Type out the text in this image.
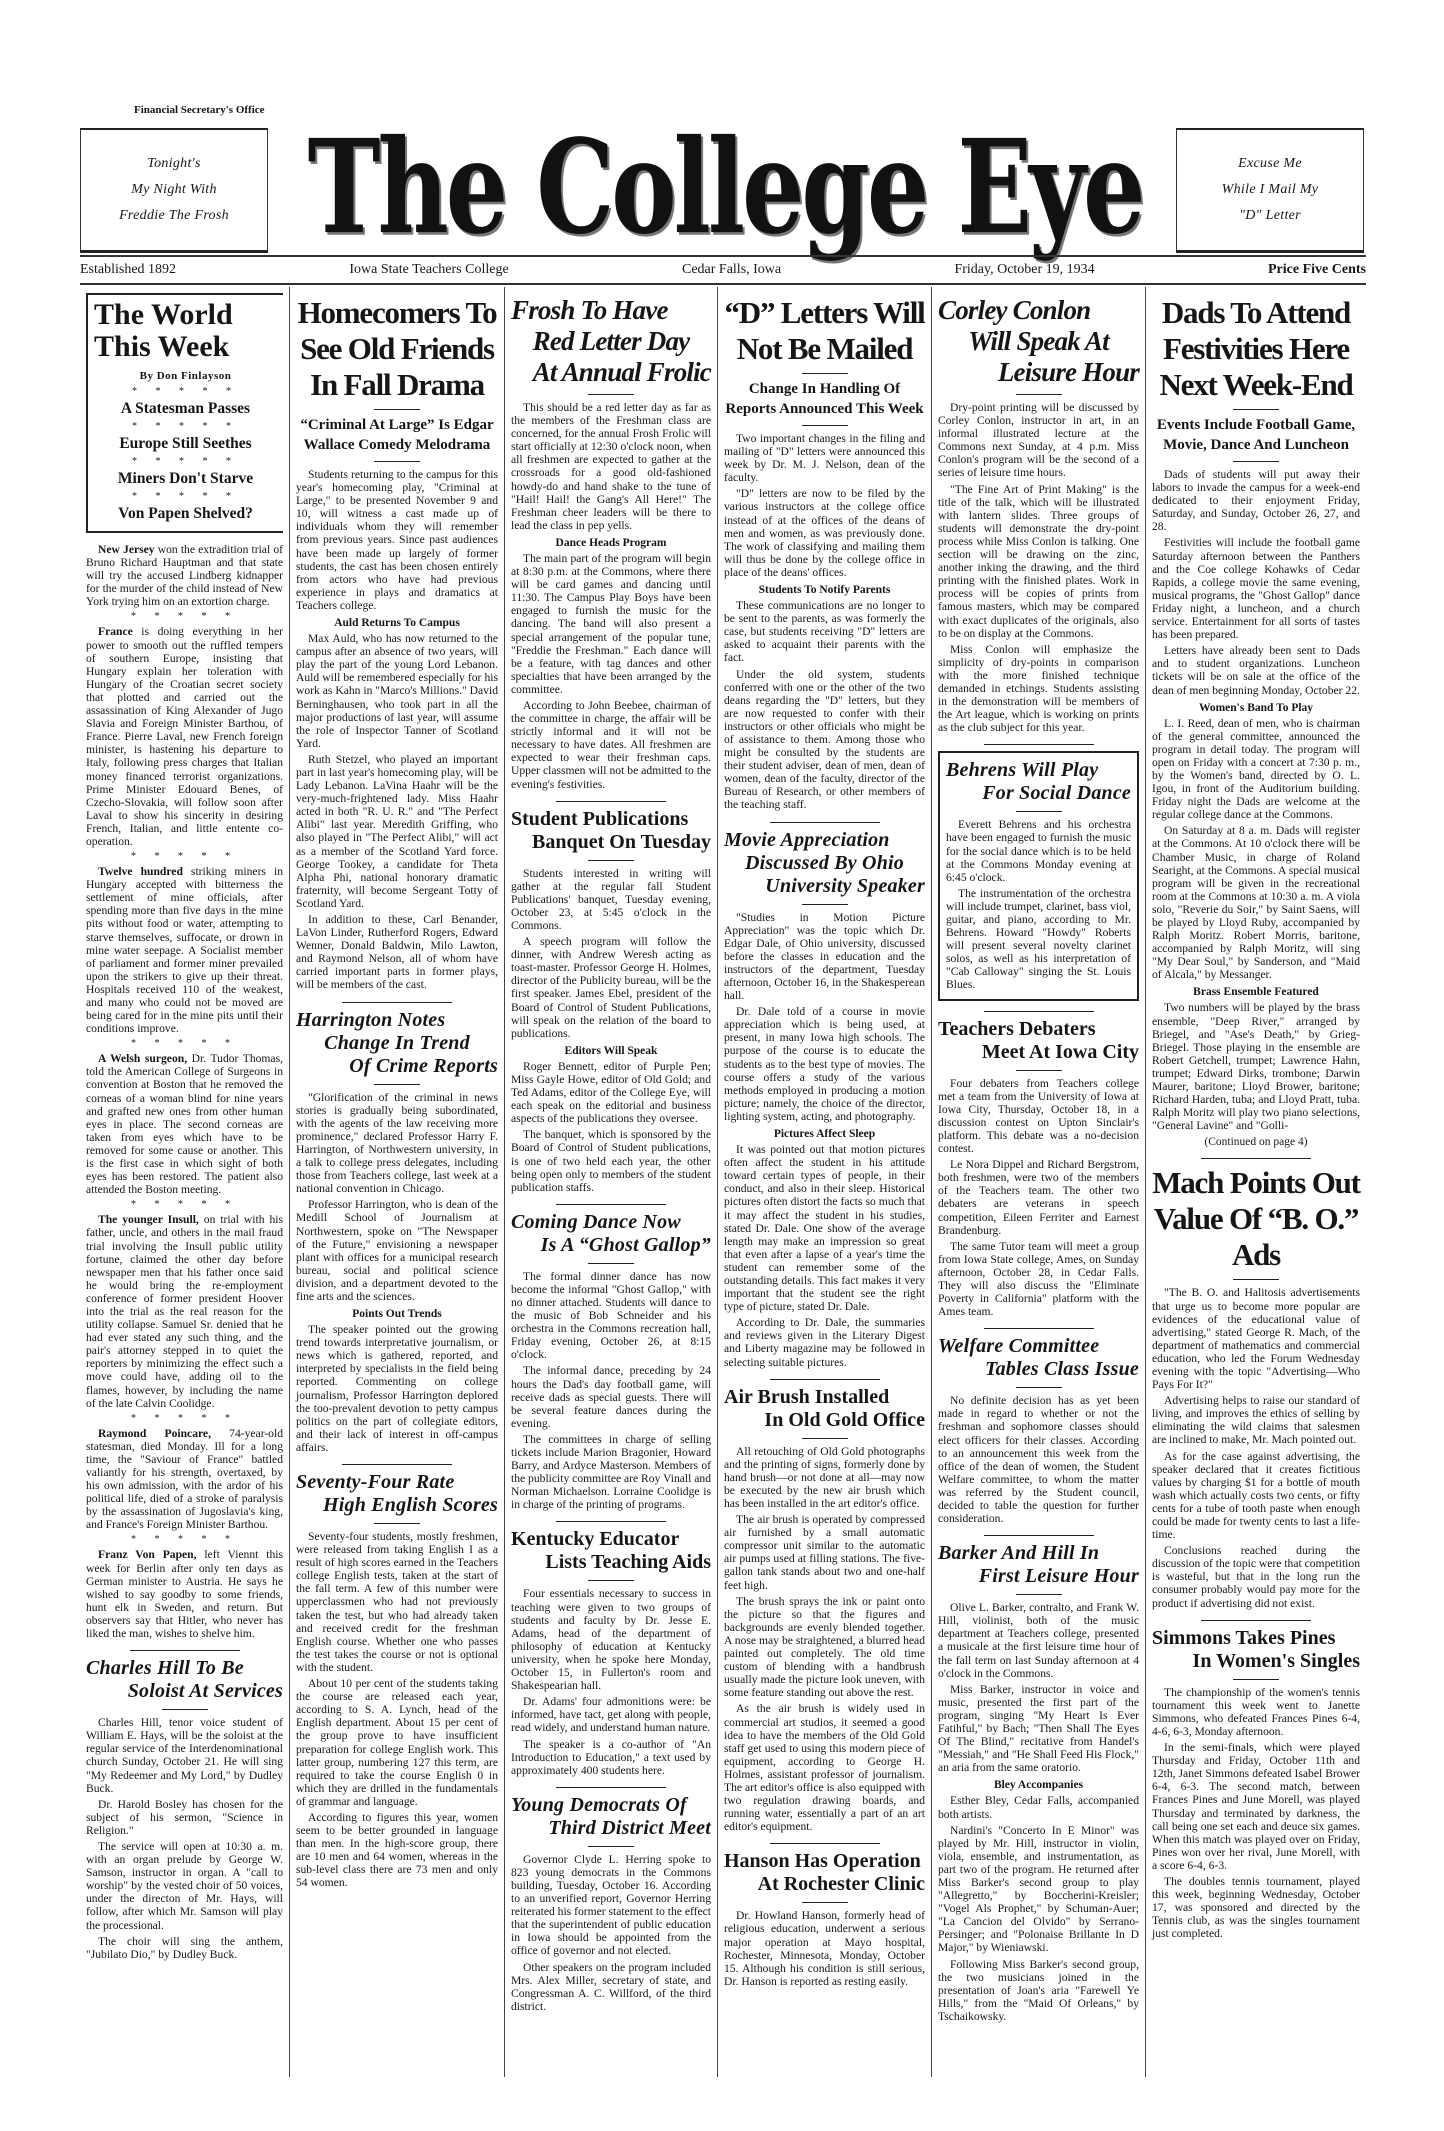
Financial Secretary's Office
Tonight's
My Night With
Freddie The Frosh The College Eye	Excuse Me
While I Mail My
"D" Letter
Established 1892	Iowa State Teachers College	Cedar Falls, Iowa	Friday, October 19, 1934	Price Five Cents
The World
This Week
By Don Finlayson
* * * * *
A Statesman Passes
* * * * *
Europe Still Seethes
* * * * *
Miners Don't Starve
* * * * *
Von Papen Shelved?

New Jersey won the extradition trial of Bruno Richard Hauptman and that state will try the accused Lindberg kidnapper for the murder of the child instead of New York trying him on an extortion charge.

* * * * *

France is doing everything in her power to smooth out the ruffled tempers of southern Europe, insisting that Hungary explain her toleration with Hungary of the Croatian secret society that plotted and carried out the assassination of King Alexander of Jugo Slavia and Foreign Minister Barthou, of France. Pierre Laval, new French foreign minister, is hastening his departure to Italy, following press charges that Italian money financed terrorist organizations. Prime Minister Edouard Benes, of Czecho-Slovakia, will follow soon after Laval to show his sincerity in desiring French, Italian, and little entente co-operation.

* * * * *

Twelve hundred striking miners in Hungary accepted with bitterness the settlement of mine officials, after spending more than five days in the mine pits without food or water, attempting to starve themselves, suffocate, or drown in mine water seepage. A Socialist member of parliament and former miner prevailed upon the strikers to give up their threat. Hospitals received 110 of the weakest, and many who could not be moved are being cared for in the mine pits until their conditions improve.

* * * * *

A Welsh surgeon, Dr. Tudor Thomas, told the American College of Surgeons in convention at Boston that he removed the corneas of a woman blind for nine years and grafted new ones from other human eyes in place. The second corneas are taken from eyes which have to be removed for some cause or another. This is the first case in which sight of both eyes has been restored. The patient also attended the Boston meeting.

* * * * *

The younger Insull, on trial with his father, uncle, and others in the mail fraud trial involving the Insull public utility fortune, claimed the other day before newspaper men that his father once said he would bring the re-employment conference of former president Hoover into the trial as the real reason for the utility collapse. Samuel Sr. denied that he had ever stated any such thing, and the pair's attorney stepped in to quiet the reporters by minimizing the effect such a move could have, adding oil to the flames, however, by including the name of the late Calvin Coolidge.

* * * * *

Raymond Poincare, 74-year-old statesman, died Monday. Ill for a long time, the "Saviour of France" battled valiantly for his strength, overtaxed, by his own admission, with the ardor of his political life, died of a stroke of paralysis by the assassination of Jugoslavia's king, and France's Foreign Minister Barthou.

* * * * *

Franz Von Papen, left Viennt this week for Berlin after only ten days as German minister to Austria. He says he wished to say goodby to some friends, hunt elk in Sweden, and return. But observers say that Hitler, who never has liked the man, wishes to shelve him.

Charles Hill To Be
Soloist At Services

Charles Hill, tenor voice student of William E. Hays, will be the soloist at the regular service of the Interdenominational church Sunday, October 21. He will sing "My Redeemer and My Lord," by Dudley Buck.

Dr. Harold Bosley has chosen for the subject of his sermon, "Science in Religion."

The service will open at 10:30 a. m. with an organ prelude by George W. Samson, instructor in organ. A "call to worship" by the vested choir of 50 voices, under the directon of Mr. Hays, will follow, after which Mr. Samson will play the processional.

The choir will sing the anthem, "Jubilato Dio," by Dudley Buck.

Homecomers To
See Old Friends
In Fall Drama
“Criminal At Large” Is Edgar Wallace Comedy Melodrama

Students returning to the campus for this year's homecoming play, "Criminal at Large," to be presented November 9 and 10, will witness a cast made up of individuals whom they will remember from previous years. Since past audiences have been made up largely of former students, the cast has been chosen entirely from actors who have had previous experience in plays and dramatics at Teachers college.

Auld Returns To Campus

Max Auld, who has now returned to the campus after an absence of two years, will play the part of the young Lord Lebanon. Auld will be remembered especially for his work as Kahn in "Marco's Millions." David Berninghausen, who took part in all the major productions of last year, will assume the role of Inspector Tanner of Scotland Yard.

Ruth Stetzel, who played an important part in last year's homecoming play, will be Lady Lebanon. LaVina Haahr will be the very-much-frightened lady. Miss Haahr acted in both "R. U. R." and "The Perfect Alibi" last year. Meredith Griffing, who also played in "The Perfect Alibi," will act as a member of the Scotland Yard force. George Tookey, a candidate for Theta Alpha Phi, national honorary dramatic fraternity, will become Sergeant Totty of Scotland Yard.

In addition to these, Carl Benander, LaVon Linder, Rutherford Rogers, Edward Wenner, Donald Baldwin, Milo Lawton, and Raymond Nelson, all of whom have carried important parts in former plays, will be members of the cast.

Harrington Notes
Change In Trend
Of Crime Reports

"Glorification of the criminal in news stories is gradually being subordinated, with the agents of the law receiving more prominence," declared Professor Harry F. Harrington, of Northwestern university, in a talk to college press delegates, including those from Teachers college, last week at a national convention in Chicago.

Professor Harrington, who is dean of the Medill School of Journalism at Northwestern, spoke on "The Newspaper of the Future," envisioning a newspaper plant with offices for a municipal research bureau, social and political science division, and a department devoted to the fine arts and the sciences.

Points Out Trends

The speaker pointed out the growing trend towards interpretative journalism, or news which is gathered, reported, and interpreted by specialists in the field being reported. Commenting on college journalism, Professor Harrington deplored the too-prevalent devotion to petty campus politics on the part of collegiate editors, and their lack of interest in off-campus affairs.

Seventy-Four Rate
High English Scores

Seventy-four students, mostly freshmen, were released from taking English I as a result of high scores earned in the Teachers college English tests, taken at the start of the fall term. A few of this number were upperclassmen who had not previously taken the test, but who had already taken and received credit for the freshman English course. Whether one who passes the test takes the course or not is optional with the student.

About 10 per cent of the students taking the course are released each year, according to S. A. Lynch, head of the English department. About 15 per cent of the group prove to have insufficient preparation for college English work. This latter group, numbering 127 this term, are required to take the course English 0 in which they are drilled in the fundamentals of grammar and language.

According to figures this year, women seem to be better grounded in language than men. In the high-score group, there are 10 men and 64 women, whereas in the sub-level class there are 73 men and only 54 women.

Frosh To Have
Red Letter Day
At Annual Frolic

This should be a red letter day as far as the members of the Freshman class are concerned, for the annual Frosh Frolic will start officially at 12:30 o'clock noon, when all freshmen are expected to gather at the crossroads for a good old-fashioned howdy-do and hand shake to the tune of "Hail! Hail! the Gang's All Here!" The Freshman cheer leaders will be there to lead the class in pep yells.

Dance Heads Program

The main part of the program will begin at 8:30 p.m. at the Commons, where there will be card games and dancing until 11:30. The Campus Play Boys have been engaged to furnish the music for the dancing. The band will also present a special arrangement of the popular tune, "Freddie the Freshman." Each dance will be a feature, with tag dances and other specialties that have been arranged by the committee.

According to John Beebee, chairman of the committee in charge, the affair will be strictly informal and it will not be necessary to have dates. All freshmen are expected to wear their freshman caps. Upper classmen will not be admitted to the evening's festivities.

Student Publications
Banquet On Tuesday

Students interested in writing will gather at the regular fall Student Publications' banquet, Tuesday evening, October 23, at 5:45 o'clock in the Commons.

A speech program will follow the dinner, with Andrew Weresh acting as toast-master. Professor George H. Holmes, director of the Publicity bureau, will be the first speaker. James Ebel, president of the Board of Control of Student Publications, will speak on the relation of the board to publications.

Editors Will Speak

Roger Bennett, editor of Purple Pen; Miss Gayle Howe, editor of Old Gold; and Ted Adams, editor of the College Eye, will each speak on the editorial and business aspects of the publications they oversee.

The banquet, which is sponsored by the Board of Control of Student publications, is one of two held each year, the other being open only to members of the student publication staffs.

Coming Dance Now
Is A “Ghost Gallop”

The formal dinner dance has now become the informal "Ghost Gallop," with no dinner attached. Students will dance to the music of Bob Schneider and his orchestra in the Commons recreation hall, Friday evening, October 26, at 8:15 o'clock.

The informal dance, preceding by 24 hours the Dad's day football game, will receive dads as special guests. There will be several feature dances during the evening.

The committees in charge of selling tickets include Marion Bragonier, Howard Barry, and Ardyce Masterson. Members of the publicity committee are Roy Vinall and Norman Michaelson. Lorraine Coolidge is in charge of the printing of programs.

Kentucky Educator
Lists Teaching Aids

Four essentials necessary to success in teaching were given to two groups of students and faculty by Dr. Jesse E. Adams, head of the department of philosophy of education at Kentucky university, when he spoke here Monday, October 15, in Fullerton's room and Shakespearian hall.

Dr. Adams' four admonitions were: be informed, have tact, get along with people, read widely, and understand human nature.

The speaker is a co-author of "An Introduction to Education," a text used by approximately 400 students here.

Young Democrats Of
Third District Meet

Governor Clyde L. Herring spoke to 823 young democrats in the Commons building, Tuesday, October 16. According to an unverified report, Governor Herring reiterated his former statement to the effect that the superintendent of public education in Iowa should be appointed from the office of governor and not elected.

Other speakers on the program included Mrs. Alex Miller, secretary of state, and Congressman A. C. Willford, of the third district.

“D” Letters Will
Not Be Mailed
Change In Handling Of Reports Announced This Week

Two important changes in the filing and mailing of "D" letters were announced this week by Dr. M. J. Nelson, dean of the faculty.

"D" letters are now to be filed by the various instructors at the college office instead of at the offices of the deans of men and women, as was previously done. The work of classifying and mailing them will thus be done by the college office in place of the deans' offices.

Students To Notify Parents

These communications are no longer to be sent to the parents, as was formerly the case, but students receiving "D" letters are asked to acquaint their parents with the fact.

Under the old system, students conferred with one or the other of the two deans regarding the "D" letters, but they are now requested to confer with their instructors or other officials who might be of assistance to them. Among those who might be consulted by the students are their student adviser, dean of men, dean of women, dean of the faculty, director of the Bureau of Research, or other members of the teaching staff.

Movie Appreciation
Discussed By Ohio
University Speaker

"Studies in Motion Picture Appreciation" was the topic which Dr. Edgar Dale, of Ohio university, discussed before the classes in education and the instructors of the department, Tuesday afternoon, October 16, in the Shakesperean hall.

Dr. Dale told of a course in movie appreciation which is being used, at present, in many Iowa high schools. The purpose of the course is to educate the students as to the best type of movies. The course offers a study of the various methods employed in producing a motion picture; namely, the choice of the director, lighting system, acting, and photography.

Pictures Affect Sleep

It was pointed out that motion pictures often affect the student in his attitude toward certain types of people, in their conduct, and also in their sleep. Historical pictures often distort the facts so much that it may affect the student in his studies, stated Dr. Dale. One show of the average length may make an impression so great that even after a lapse of a year's time the student can remember some of the outstanding details. This fact makes it very important that the student see the right type of picture, stated Dr. Dale.

According to Dr. Dale, the summaries and reviews given in the Literary Digest and Liberty magazine may be followed in selecting suitable pictures.

Air Brush Installed
In Old Gold Office

All retouching of Old Gold photographs and the printing of signs, formerly done by hand brush—or not done at all—may now be executed by the new air brush which has been installed in the art editor's office.

The air brush is operated by compressed air furnished by a small automatic compressor unit similar to the automatic air pumps used at filling stations. The five-gallon tank stands about two and one-half feet high.

The brush sprays the ink or paint onto the picture so that the figures and backgrounds are evenly blended together. A nose may be straightened, a blurred head painted out completely. The old time custom of blending with a handbrush usually made the picture look uneven, with some feature standing out above the rest.

As the air brush is widely used in commercial art studios, it seemed a good idea to have the members of the Old Gold staff get used to using this modern piece of equipment, according to George H. Holmes, assistant professor of journalism. The art editor's office is also equipped with two regulation drawing boards, and running water, essentially a part of an art editor's equipment.

Hanson Has Operation
At Rochester Clinic

Dr. Howland Hanson, formerly head of religious education, underwent a serious major operation at Mayo hospital, Rochester, Minnesota, Monday, October 15. Although his condition is still serious, Dr. Hanson is reported as resting easily.

Corley Conlon
Will Speak At
Leisure Hour

Dry-point printing will be discussed by Corley Conlon, instructor in art, in an informal illustrated lecture at the Commons next Sunday, at 4 p.m. Miss Conlon's program will be the second of a series of leisure time hours.

"The Fine Art of Print Making" is the title of the talk, which will be illustrated with lantern slides. Three groups of students will demonstrate the dry-point process while Miss Conlon is talking. One section will be drawing on the zinc, another inking the drawing, and the third printing with the finished plates. Work in process will be copies of prints from famous masters, which may be compared with exact duplicates of the originals, also to be on display at the Commons.

Miss Conlon will emphasize the simplicity of dry-points in comparison with the more finished technique demanded in etchings. Students assisting in the demonstration will be members of the Art league, which is working on prints as the club subject for this year.

Behrens Will Play
For Social Dance

Everett Behrens and his orchestra have been engaged to furnish the music for the social dance which is to be held at the Commons Monday evening at 6:45 o'clock.

The instrumentation of the orchestra will include trumpet, clarinet, bass viol, guitar, and piano, according to Mr. Behrens. Howard "Howdy" Roberts will present several novelty clarinet solos, as well as his interpretation of "Cab Calloway" singing the St. Louis Blues.

Teachers Debaters
Meet At Iowa City

Four debaters from Teachers college met a team from the University of Iowa at Iowa City, Thursday, October 18, in a discussion contest on Upton Sinclair's platform. This debate was a no-decision contest.

Le Nora Dippel and Richard Bergstrom, both freshmen, were two of the members of the Teachers team. The other two debaters are veterans in speech competition, Eileen Ferriter and Earnest Brandenburg.

The same Tutor team will meet a group from Iowa State college, Ames, on Sunday afternoon, October 28, in Cedar Falls. They will also discuss the "Eliminate Poverty in California" platform with the Ames team.

Welfare Committee
Tables Class Issue

No definite decision has as yet been made in regard to whether or not the freshman and sophomore classes should elect officers for their classes. According to an announcement this week from the office of the dean of women, the Student Welfare committee, to whom the matter was referred by the Student council, decided to table the question for further consideration.

Barker And Hill In
First Leisure Hour

Olive L. Barker, contralto, and Frank W. Hill, violinist, both of the music department at Teachers college, presented a musicale at the first leisure time hour of the fall term on last Sunday afternoon at 4 o'clock in the Commons.

Miss Barker, instructor in voice and music, presented the first part of the program, singing "My Heart Is Ever Fatihful," by Bach; "Then Shall The Eyes Of The Blind," recitative from Handel's "Messiah," and "He Shall Feed His Flock," an aria from the same oratorio.

Bley Accompanies

Esther Bley, Cedar Falls, accompanied both artists.

Nardini's "Concerto In E Minor" was played by Mr. Hill, instructor in violin, viola, ensemble, and instrumentation, as part two of the program. He returned after Miss Barker's second group to play "Allegretto," by Boccherini-Kreisler; "Vogel Als Prophet," by Schuman-Auer; "La Cancion del Olvido" by Serrano-Persinger; and "Polonaise Brillante In D Major," by Wieniawski.

Following Miss Barker's second group, the two musicians joined in the presentation of Joan's aria "Farewell Ye Hills," from the "Maid Of Orleans," by Tschaikowsky.

Dads To Attend
Festivities Here
Next Week-End
Events Include Football Game, Movie, Dance And Luncheon

Dads of students will put away their labors to invade the campus for a week-end dedicated to their enjoyment Friday, Saturday, and Sunday, October 26, 27, and 28.

Festivities will include the football game Saturday afternoon between the Panthers and the Coe college Kohawks of Cedar Rapids, a college movie the same evening, musical programs, the "Ghost Gallop" dance Friday night, a luncheon, and a church service. Entertainment for all sorts of tastes has been prepared.

Letters have already been sent to Dads and to student organizations. Luncheon tickets will be on sale at the office of the dean of men beginning Monday, October 22.

Women's Band To Play

L. I. Reed, dean of men, who is chairman of the general committee, announced the program in detail today. The program will open on Friday with a concert at 7:30 p. m., by the Women's band, directed by O. L. Igou, in front of the Auditorium building. Friday night the Dads are welcome at the regular college dance at the Commons.

On Saturday at 8 a. m. Dads will register at the Commons. At 10 o'clock there will be Chamber Music, in charge of Roland Searight, at the Commons. A special musical program will be given in the recreational room at the Commons at 10:30 a. m. A viola solo, "Reverie du Soir," by Saint Saens, will be played by Lloyd Ruby, accompanied by Ralph Moritz. Robert Morris, baritone, accompanied by Ralph Moritz, will sing "My Dear Soul," by Sanderson, and "Maid of Alcala," by Messanger.

Brass Ensemble Featured

Two numbers will be played by the brass ensemble, "Deep River," arranged by Briegel, and "Ase's Death," by Grieg-Briegel. Those playing in the ensemble are Robert Getchell, trumpet; Lawrence Hahn, trumpet; Edward Dirks, trombone; Darwin Maurer, baritone; Lloyd Brower, baritone; Richard Harden, tuba; and Lloyd Pratt, tuba. Ralph Moritz will play two piano selections, "General Lavine" and "Golli-

(Continued on page 4)
Mach Points Out
Value Of “B. O.” Ads

"The B. O. and Halitosis advertisements that urge us to become more popular are evidences of the educational value of advertising," stated George R. Mach, of the department of mathematics and commercial education, who led the Forum Wednesday evening with the topic "Advertising—Who Pays For It?"

Advertising helps to raise our standard of living, and improves the ethics of selling by eliminating the wild claims that salesmen are inclined to make, Mr. Mach pointed out.

As for the case against advertising, the speaker declared that it creates fictitious values by charging $1 for a bottle of mouth wash which actually costs two cents, or fifty cents for a tube of tooth paste when enough could be made for twenty cents to last a life-time.

Conclusions reached during the discussion of the topic were that competition is wasteful, but that in the long run the consumer probably would pay more for the product if advertising did not exist.

Simmons Takes Pines
In Women's Singles

The championship of the women's tennis tournament this week went to Janette Simmons, who defeated Frances Pines 6-4, 4-6, 6-3, Monday afternoon.

In the semi-finals, which were played Thursday and Friday, October 11th and 12th, Janet Simmons defeated Isabel Brower 6-4, 6-3. The second match, between Frances Pines and June Morell, was played Thursday and terminated by darkness, the call being one set each and deuce six games. When this match was played over on Friday, Pines won over her rival, June Morell, with a score 6-4, 6-3.

The doubles tennis tournament, played this week, beginning Wednesday, October 17, was sponsored and directed by the Tennis club, as was the singles tournament just completed.
